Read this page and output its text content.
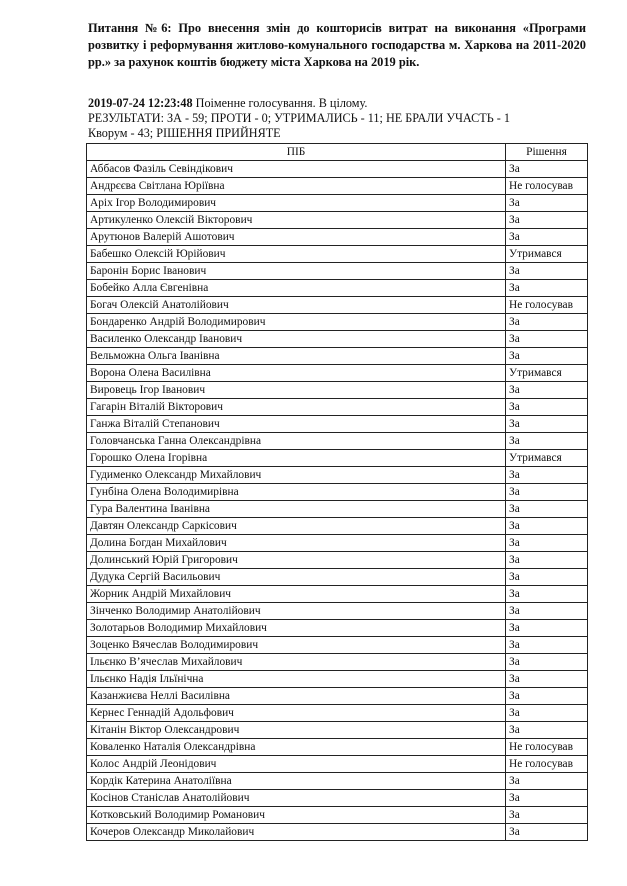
Питання №6: Про внесення змін до кошторисів витрат на виконання «Програми розвитку і реформування житлово-комунального господарства м. Харкова на 2011-2020 рр.» за рахунок коштів бюджету міста Харкова на 2019 рік.
2019-07-24 12:23:48 Поіменне голосування. В цілому.
РЕЗУЛЬТАТИ: ЗА - 59; ПРОТИ - 0; УТРИМАЛИСЬ - 11; НЕ БРАЛИ УЧАСТЬ - 1
Кворум - 43; РІШЕННЯ ПРИЙНЯТЕ
ПІБ	Рішення
Аббасов Фазіль Севіндікович	За
Андрєєва Світлана Юріївна	Не голосував
Аріх Ігор Володимирович	За
Артикуленко Олексій Вікторович	За
Арутюнов Валерій Ашотович	За
Бабешко Олексій Юрійович	Утримався
Баронін Борис Іванович	За
Бобейко Алла Євгенівна	За
Богач Олексій Анатолійович	Не голосував
Бондаренко Андрій Володимирович	За
Василенко Олександр Іванович	За
Вельможна Ольга Іванівна	За
Ворона Олена Василівна	Утримався
Вировець Ігор Іванович	За
Гагарін Віталій Вікторович	За
Ганжа Віталій Степанович	За
Головчанська Ганна Олександрівна	За
Горошко Олена Ігорівна	Утримався
Гудименко Олександр Михайлович	За
Гунбіна Олена Володимирівна	За
Гура Валентина Іванівна	За
Давтян Олександр Саркісович	За
Долина Богдан Михайлович	За
Долинський Юрій Григорович	За
Дудука Сергій Васильович	За
Жорник Андрій Михайлович	За
Зінченко Володимир Анатолійович	За
Золотарьов Володимир Михайлович	За
Зоценко Вячеслав Володимирович	За
Ільєнко В’ячеслав Михайлович	За
Ільєнко Надія Ільїнічна	За
Казанжиєва Неллі Василівна	За
Кернес Геннадій Адольфович	За
Кітанін Віктор Олександрович	За
Коваленко Наталія Олександрівна	Не голосував
Колос Андрій Леонідович	Не голосував
Кордік Катерина Анатоліївна	За
Косінов Станіслав Анатолійович	За
Котковський Володимир Романович	За
Кочеров Олександр Миколайович	За
